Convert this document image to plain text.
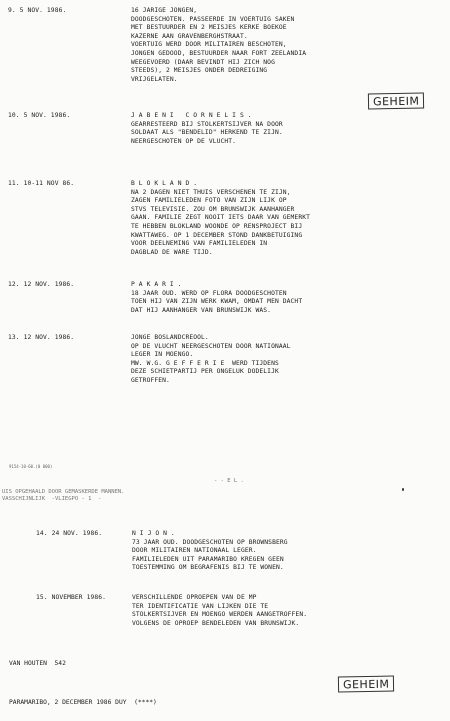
9. 5 NOV. 1986.	16 JARIGE JONGEN,
DOODGESCHOTEN. PASSEERDE IN VOERTUIG SAKEN
MET BESTUURDER EN 2 MEISJES KERKE BOEKOE
KAZERNE AAN GRAVENBERGHSTRAAT.
VOERTUIG WERD DOOR MILITAIREN BESCHOTEN,
JONGEN GEDOOD, BESTUURDER NAAR FORT ZEELANDIA
WEEGEVOERD (DAAR BEVINDT HIJ ZICH NOG
STEEDS), 2 MEISJES ONDER DEDREIGING
VRIJGELATEN.
GEHEIM
10. 5 NOV. 1986.	J A B E N I   C O R N E L I S .
GEARRESTEERD BIJ STOLKERTSIJVER NA DOOR
SOLDAAT ALS "BENDELID" HERKEND TE ZIJN.
NEERGESCHOTEN OP DE VLUCHT.
11. 10-11 NOV 86.	B L O K L A N D .
NA 2 DAGEN NIET THUIS VERSCHENEN TE ZIJN,
ZAGEN FAMILIELEDEN FOTO VAN ZIJN LIJK OP
STVS TELEVISIE. ZOU OM BRUNSWIJK AANHANGER
GAAN. FAMILIE ZEGT NOOIT IETS DAAR VAN GEMERKT
TE HEBBEN BLOKLAND WOONDE OP RENSPROJECT BIJ
KWATTAWEG. OP 1 DECEMBER STOND DANKBETUIGING
VOOR DEELNEMING VAN FAMILIELEDEN IN
DAGBLAD DE WARE TIJD.
12. 12 NOV. 1986.	P A K A R I .
18 JAAR OUD. WERD OP FLORA DOODGESCHOTEN
TOEN HIJ VAN ZIJN WERK KWAM, OMDAT MEN DACHT
DAT HIJ AANHANGER VAN BRUNSWIJK WAS.
13. 12 NOV. 1986.	JONGE BOSLANDCREOOL.
OP DE VLUCHT NEERGESCHOTEN DOOR NATIONAAL
LEGER IN MOENGO.
MW. W.G. G E F F E R I E  WERD TIJDENS
DEZE SCHIETPARTIJ PER ONGELUK DODELIJK
GETROFFEN.
9154-10-60.(0 000)
- - E L .
UIS OPGEHAALD DOOR GEMASKERDE MANNEN.
VASSCHIJNLIJK  -VLIEGPO - 1  -
14. 24 NOV. 1986.	N I J O N .
73 JAAR OUD. DOODGESCHOTEN OP BROWNSBERG
DOOR MILITAIREN NATIONAAL LEGER.
FAMILIELEDEN UIT PARAMARIBO KREGEN GEEN
TOESTEMMING OM BEGRAFENIS BIJ TE WONEN.
15. NOVEMBER 1986.	VERSCHILLENDE OPROEPEN VAN DE MP
TER IDENTIFICATIE VAN LIJKEN DIE TE
STOLKERTSIJVER EN MOENGO WERDEN AANGETROFFEN.
VOLGENS DE OPROEP BENDELEDEN VAN BRUNSWIJK.
VAN HOUTEN  542
GEHEIM
PARAMARIBO, 2 DECEMBER 1986 DUY  (****)
